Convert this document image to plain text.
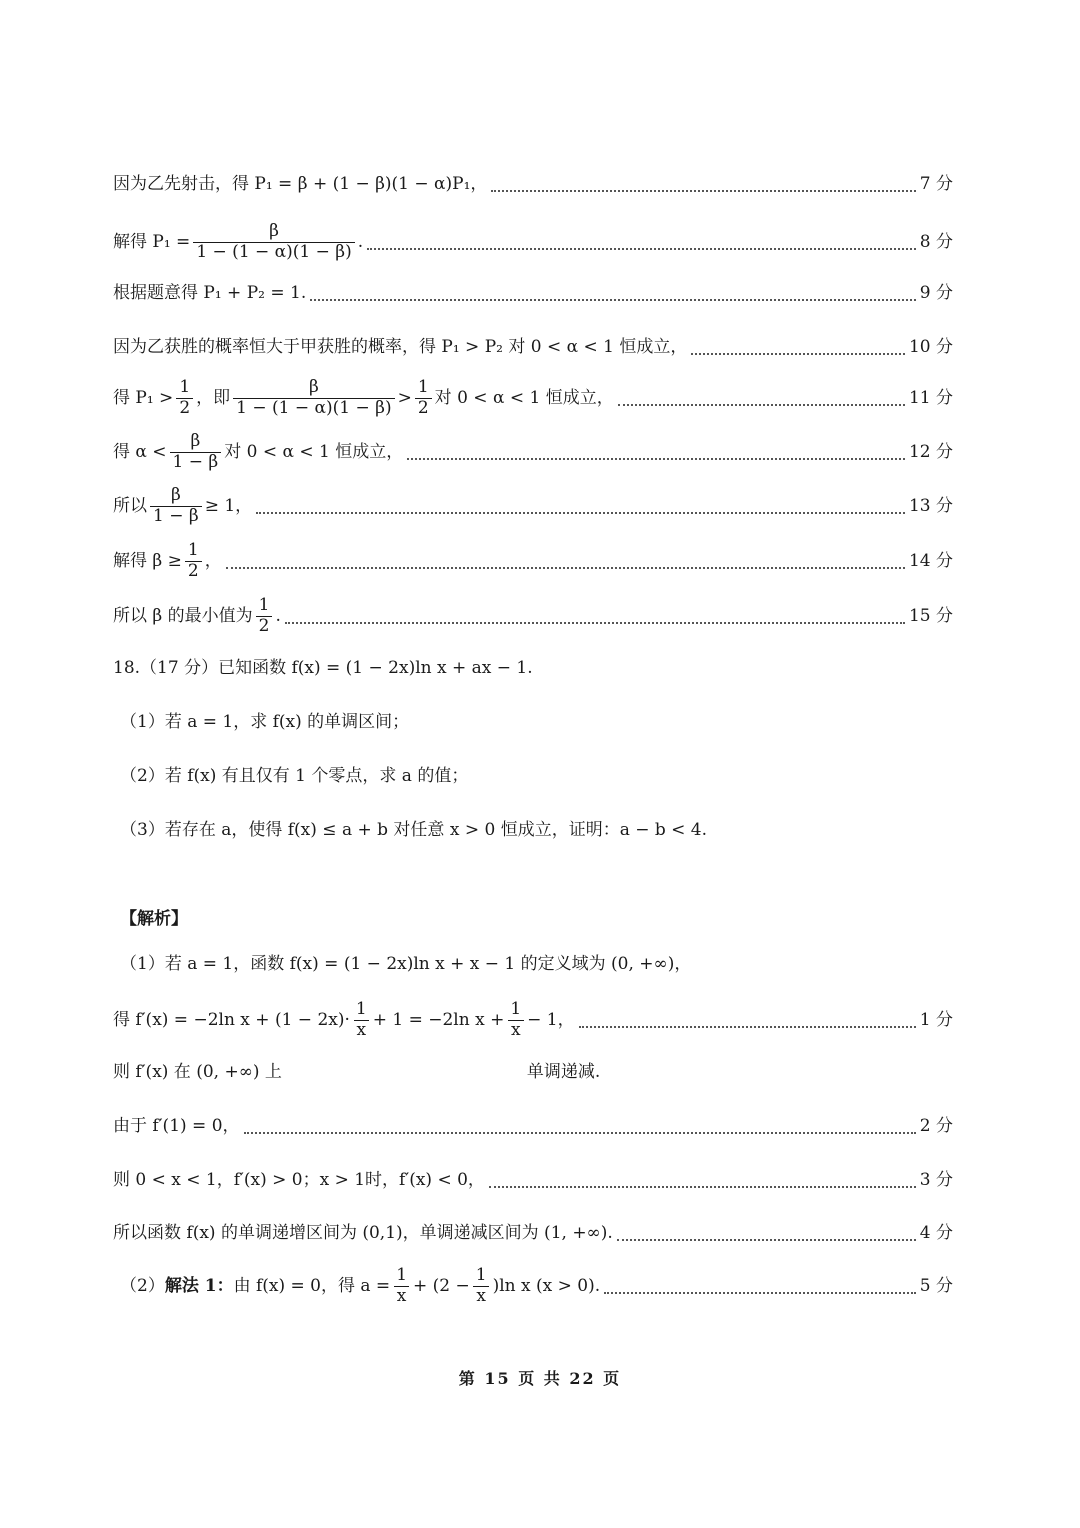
因为乙先射击，得 P₁ = β + (1 − β)(1 − α)P₁，	7 分
解得 $P_1 = \frac{\beta}{1 - (1 - \alpha)(1 - \beta)}$ .	8 分
根据题意得 P₁ + P₂ = 1.	9 分
因为乙获胜的概率恒大于甲获胜的概率，得 P₁ > P₂ 对 0 < α < 1 恒成立，	10 分
得 $P_1 > \frac{1}{2}$ ，即 $\frac{\beta}{1 - (1 - \alpha)(1 - \beta)} > \frac{1}{2}$ 对 0 < α < 1 恒成立，	11 分
得 $\alpha < \frac{\beta}{1 - \beta}$ 对 0 < α < 1 恒成立，	12 分
所以 $\frac{\beta}{1 - \beta} \ge 1$，	13 分
解得 $\beta \ge \frac{1}{2}$ ，	14 分
所以 β 的最小值为 $\frac{1}{2}$ .	15 分
18.（17 分）已知函数 f(x) = (1 − 2x)ln x + ax − 1.
（1）若 a = 1，求 f(x) 的单调区间；
（2）若 f(x) 有且仅有 1 个零点，求 a 的值；
（3）若存在 a，使得 f(x) ≤ a + b 对任意 x > 0 恒成立，证明：a − b < 4.
【解析】
（1）若 a = 1，函数 f(x) = (1 − 2x)ln x + x − 1 的定义域为 (0, +∞)，
得 f′(x) = −2ln $x + (1 - 2x)\cdot \frac{1}{x} + 1 = -2\ln$ $x + \frac{1}{x} - 1$，	1 分
则 f′(x) 在 (0, +∞) 上	单调递减.
由于 f′(1) = 0，	2 分
则 0 < x < 1，f′(x) > 0；x > 1时，f′(x) < 0，	3 分
所以函数 f(x) 的单调递增区间为 (0,1)，单调递减区间为 (1, +∞).	4 分
（2） 解法 1： 由 f(x) = 0，得 $a = \frac{1}{x} + (2 - \frac{1}{x} )\ln$ x (x > 0).	5 分
第 15 页 共 22 页
